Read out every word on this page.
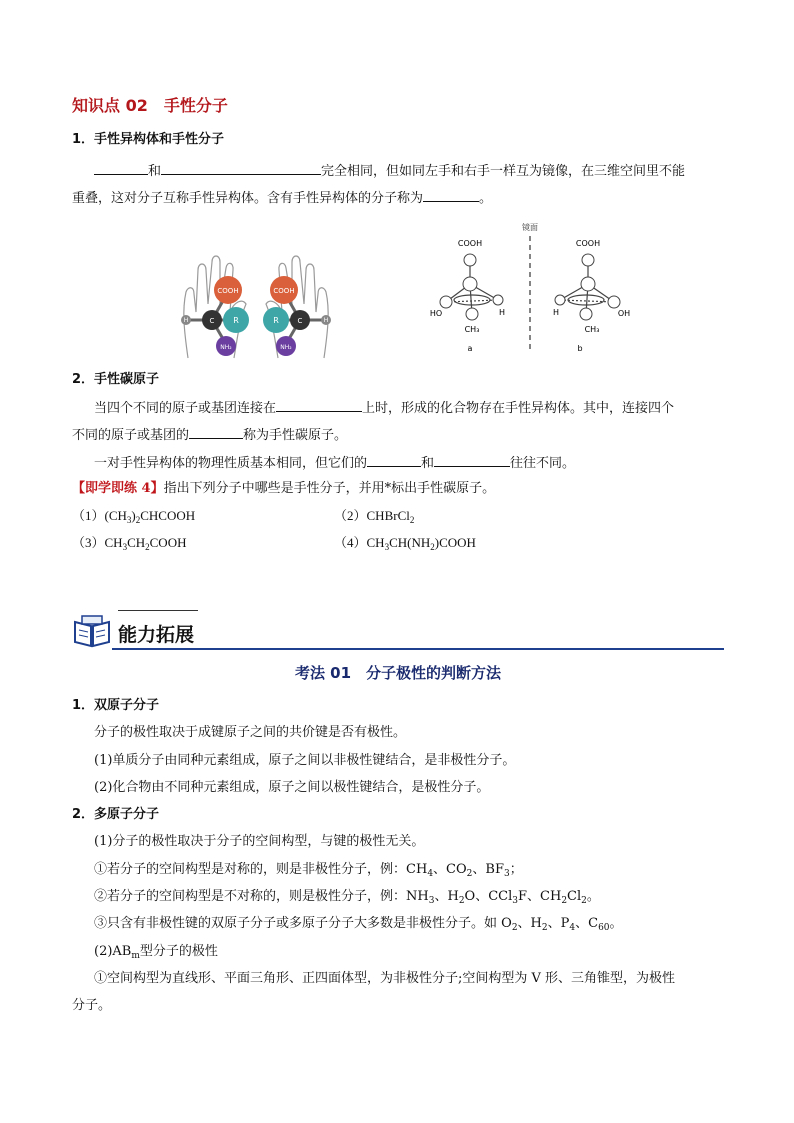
知识点 02　手性分子
1．手性异构体和手性分子
和	完全相同，但如同左手和右手一样互为镜像，在三维空间里不能
重叠，这对分子互称手性异构体。含有手性异构体的分子称为	。
COOH
C R
H
NH₂
COOH
R	C	H
NH₂
镜面
COOH
HO	H
CH₃
a
COOH
H	OH
CH₃
b
2．手性碳原子
当四个不同的原子或基团连接在	上时，形成的化合物存在手性异构体。其中，连接四个
不同的原子或基团的	称为手性碳原子。
一对手性异构体的物理性质基本相同，但它们的	和	往往不同。
【即学即练 4】指出下列分子中哪些是手性分子，并用*标出手性碳原子。
$(1)(CH_3)_2CHCOOH$	（2）CHBrCl$_2$
$(3)CH_3CH_2COOH$	$(4)CH_3CH(NH_2)COOH$
能力拓展
考法 01　分子极性的判断方法
1．双原子分子
分子的极性取决于成键原子之间的共价键是否有极性。
(1)单质分子由同种元素组成，原子之间以非极性键结合，是非极性分子。
(2)化合物由不同种元素组成，原子之间以极性键结合，是极性分子。
2．多原子分子
(1)分子的极性取决于分子的空间构型，与键的极性无关。
①若分子的空间构型是对称的，则是非极性分子，例：$CH_4$、$CO_2$、$BF_3$；
②若分子的空间构型是不对称的，则是极性分子，例：$NH_3$、$H_2O$、CCl$_3$F、$CH_2Cl_2$。
③只含有非极性键的双原子分子或多原子分子大多数是非极性分子。如 $O_2$、$H_2$、$P_4$、$C_{60}$。
$(2)AB_m$型分子的极性
①空间构型为直线形、平面三角形、正四面体型，为非极性分子;空间构型为 V 形、三角锥型，为极性
分子。
